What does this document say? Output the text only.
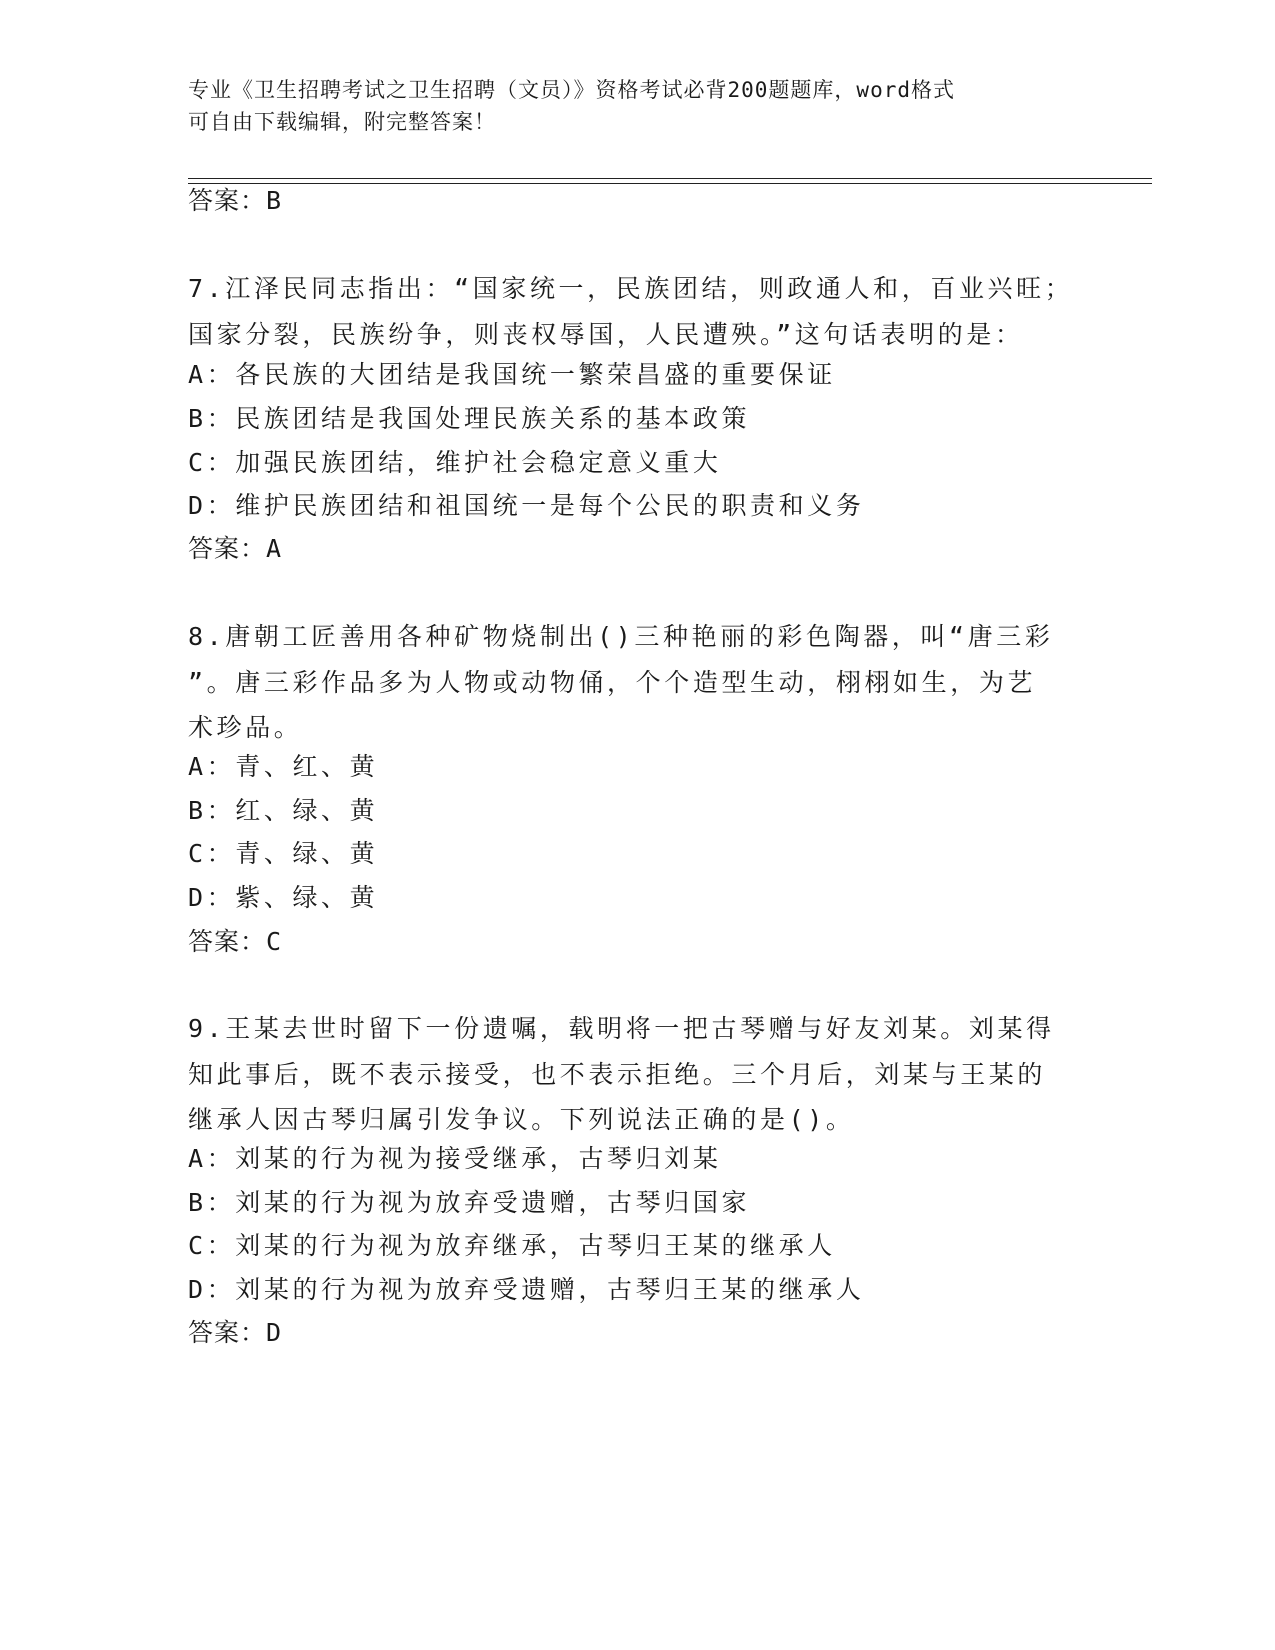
专业《卫生招聘考试之卫生招聘（文员）》资格考试必背200题题库，word格式
可自由下载编辑，附完整答案！
答案：B
7.江泽民同志指出：“国家统一，民族团结，则政通人和，百业兴旺；
国家分裂，民族纷争，则丧权辱国，人民遭殃。”这句话表明的是：
A：各民族的大团结是我国统一繁荣昌盛的重要保证
B：民族团结是我国处理民族关系的基本政策
C：加强民族团结，维护社会稳定意义重大
D：维护民族团结和祖国统一是每个公民的职责和义务
答案：A
8.唐朝工匠善用各种矿物烧制出()三种艳丽的彩色陶器，叫“唐三彩
”。唐三彩作品多为人物或动物俑，个个造型生动，栩栩如生，为艺
术珍品。
A：青、红、黄
B：红、绿、黄
C：青、绿、黄
D：紫、绿、黄
答案：C
9.王某去世时留下一份遗嘱，载明将一把古琴赠与好友刘某。刘某得
知此事后，既不表示接受，也不表示拒绝。三个月后，刘某与王某的
继承人因古琴归属引发争议。下列说法正确的是()。
A：刘某的行为视为接受继承，古琴归刘某
B：刘某的行为视为放弃受遗赠，古琴归国家
C：刘某的行为视为放弃继承，古琴归王某的继承人
D：刘某的行为视为放弃受遗赠，古琴归王某的继承人
答案：D
